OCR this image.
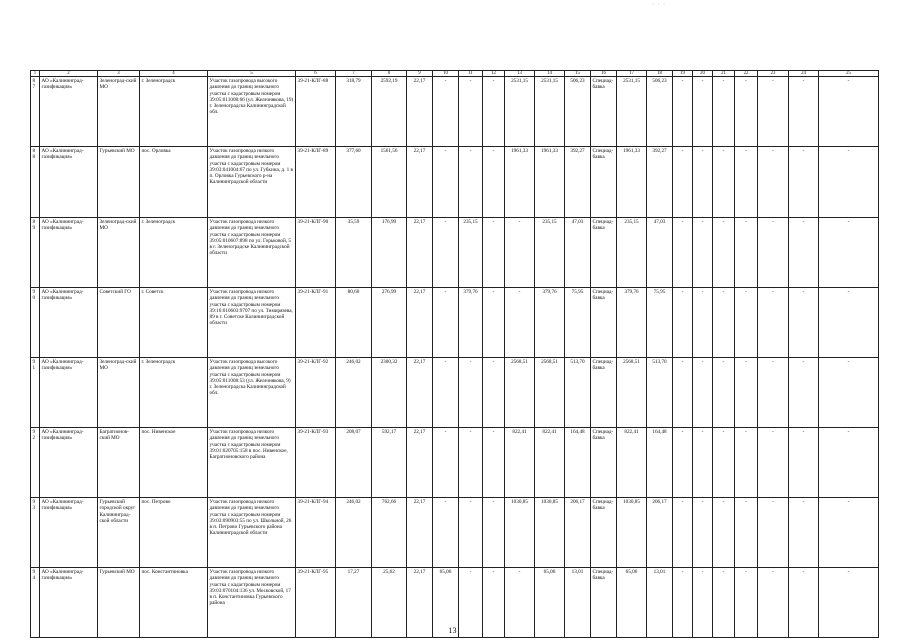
· · ·
1	2	3	4	5	6	7	8	9	10	11	12	13	14	15	16	17	18	19	20	21	22	23	24	25
87	АО «Калининград-газификация»	Зеленоград-ский МО	г. Зеленоградск	Участок газопровода высокого давления до границ земельного участка с кадастровым номером 39:05:011008:66 (ул. Железнякова, 19) г. Зеленоградска Калининградской обл.	39-21-КЛГ-88	318,79	2592,19	22,17	-	-	-	2531,15	2531,15	506,23	Специад-бавка	2531,15	506,23	-	-	-	-	-	-	-
88	АО «Калининград-газификация»	Гурьевский МО	пос. Орловка	Участок газопровода низкого давления до границ земельного участка с кадастровым номером 39:03:041004:67 по ул. Губкина, д. 1 в п. Орловка Гурьевского р-на Калининградской области	39-21-КЛГ-89	377,60	1561,56	22,17	-	-	-	1961,33	1961,33	392,27	Специад-бавка	1961,33	392,27	-	-	-	-	-	-	-
89	АО «Калининград-газификация»	Зеленоград-ский МО	г. Зеленоградск	Участок газопровода низкого давления до границ земельного участка с кадастровым номером 39:05:010607:898 по ул. Горьковой, 5 в г. Зеленоградске Калининградской области	39-21-КЛГ-90	35,59	176,99	22,17	-	235,15	-	-	235,15	47,03	Специад-бавка	235,15	47,03	-	-	-	-	-	-	-
90	АО «Калининград-газификация»	Советский ГО	г. Советск	Участок газопровода низкого давления до границ земельного участка с кадастровым номером 39:16:010603:9707 по ул. Тимирязева, 89 в г. Советске Калининградской области	39-21-КЛГ-91	80,60	276,99	22,17	-	379,76	-	-	379,76	75,95	Специад-бавка	379,76	75,95	-	-	-	-	-	-	-
91	АО «Калининград-газификация»	Зеленоград-ский МО	г. Зеленоградск	Участок газопровода высокого давления до границ земельного участка с кадастровым номером 39:05:011008:53 (ул. Железнякова, 9) г. Зеленоградска Калининградской обл.	39-21-КЛГ-92	246,02	2300,32	22,17	-	-	-	2568,51	2568,51	513,70	Специад-бавка	2568,51	513,70	-	-	-	-	-	-	-
92	АО «Калининград-газификация»	Багратионов-ский МО	пос. Нивенское	Участок газопровода низкого давления до границ земельного участка с кадастровым номером 39:01:020705:158 в пос. Нивенское, Багратионовского района	39-21-КЛГ-93	208,07	592,17	22,17	-	-	-	822,41	822,41	164,48	Специад-бавка	822,41	164,48	-	-	-	-	-	-	-
93	АО «Калининград-газификация»	Гурьевский городской округ Калининград-ской области	пос. Петрово	Участок газопровода низкого давления до границ земельного участка с кадастровым номером 39:03:090903:55 по ул. Школьной, 26 в п. Петрово Гурьевского района Калининградской области	39-21-КЛГ-94	246,02	762,66	22,17	-	-	-	1030,85	1030,85	206,17	Специад-бавка	1030,85	206,17	-	-	-	-	-	-	-
94	АО «Калининград-газификация»	Гурьевский МО	пос. Константиновка	Участок газопровода низкого давления до границ земельного участка с кадастровым номером 39:03:070104:136 ул. Московской, 17 в п. Константиновка Гурьевского района	39-21-КЛГ-95	17,27	25,62	22,17	65,06	-	-	-	65,06	13,01	Специад-бавка	65,06	13,01	-	-	-	-	-	-	-
13
